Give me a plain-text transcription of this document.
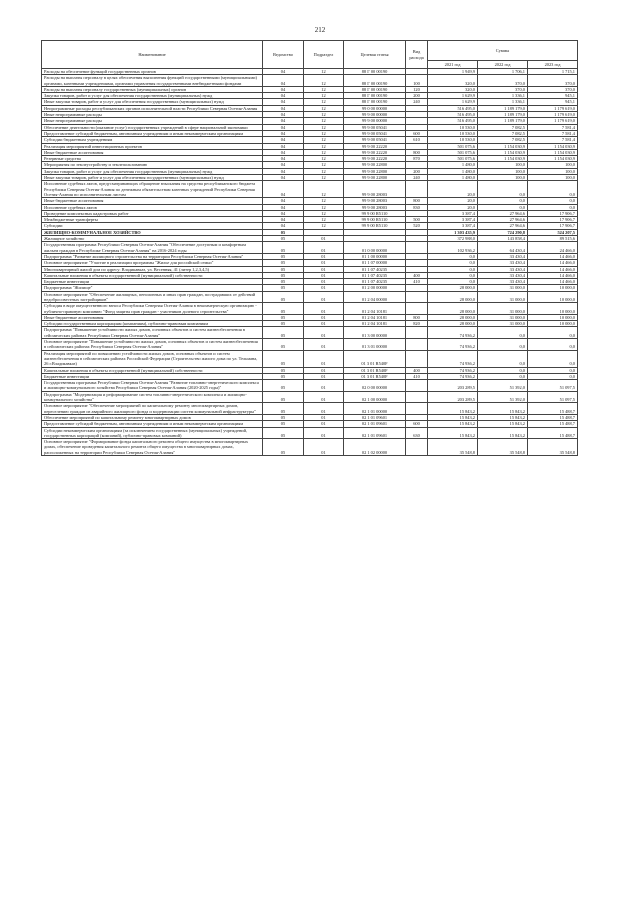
212
Наименование	Ведомство	Подраздел	Целевая статья	Вид расхода	Суммы		
					2021 год	2022 год	2023 год
Расходы на обеспечение функций государственных органов	04	12	88 Г 00 00190		1 949,9	1 706,1	1 715,1
Расходы на выплаты персоналу в целях обеспечения выполнения функций государственными (муниципальными) органами, казенными учреждениями, органами управления государственными внебюджетными фондами	04	12	88 Г 00 00190	100	320,0	370,0	370,0
Расходы на выплаты персоналу государственных (муниципальных) органов	04	12	88 Г 00 00190	120	320,0	370,0	370,0
Закупка товаров, работ и услуг для обеспечения государственных (муниципальных) нужд	04	12	88 Г 00 00190	200	1 629,9	1 336,1	945,1
Иные закупки товаров, работ и услуг для обеспечения государственных (муниципальных) нужд	04	12	88 Г 00 00190	240	1 629,9	1 336,1	945,1
Непрограммные расходы республиканских органов исполнительной власти Республики Северная Осетия-Алания	04	12	99 0 00 00000		516 495,0	1 189 179,0	1 179 619,0
Иные непрограммные расходы	04	12	99 9 00 00000		516 495,0	1 189 179,0	1 179 619,0
Иные непрограммные расходы	04	12	99 9 00 00000		516 495,0	1 189 179,0	1 179 619,0
Обеспечение деятельности (оказание услуг) государственных учреждений в сфере национальной экономики	04	12	99 9 00 05041		10 530,0	7 082,5	7 581,4
Предоставление субсидий бюджетным, автономным учреждениям и иным некоммерческим организациям	04	12	99 9 00 05041	600	10 530,0	7 082,5	7 581,4
Субсидии бюджетным учреждениям	04	12	99 9 00 05041	610	10 530,0	7 082,5	7 581,4
Реализация мероприятий инвестиционных проектов	04	12	99 9 00 22220		501 075,6	1 154 030,9	1 154 030,9
Иные бюджетные ассигнования	04	12	99 9 00 22220	800	501 075,6	1 154 030,9	1 154 030,9
Резервные средства	04	12	99 9 00 22220	870	501 075,6	1 154 030,9	1 154 030,9
Мероприятия по землеустройству и землепользованию	04	12	99 9 00 22800		1 480,0	100,0	100,0
Закупка товаров, работ и услуг для обеспечения государственных (муниципальных) нужд	04	12	99 9 00 22800	200	1 480,0	100,0	100,0
Иные закупки товаров, работ и услуг для обеспечения государственных (муниципальных) нужд	04	12	99 9 00 22800	240	1 480,0	100,0	100,0
Исполнение судебных актов, предусматривающих обращение взыскания на средства республиканского бюджета Республики Северная Осетия-Алания по денежным обязательствам казенных учреждений Республики Северная Осетия-Алания по исполнительным листам	04	12	99 9 00 28003		20,0	0,0	0,0
Иные бюджетные ассигнования	04	12	99 9 00 28003	800	20,0	0,0	0,0
Исполнение судебных актов	04	12	99 9 00 28003	830	20,0	0,0	0,0
Проведение комплексных кадастровых работ	04	12	99 9 00 R5110		3 387,4	27 964,6	17 906,7
Межбюджетные трансферты	04	12	99 9 00 R5110	500	3 387,4	27 964,6	17 906,7
Субсидии	04	12	99 9 00 R5110	520	3 387,4	27 964,6	17 906,7
ЖИЛИЩНО-КОММУНАЛЬНОЕ ХОЗЯЙСТВО	05				1 303 435,9	724 290,8	524 207,5
Жилищное хозяйство	05	01			372 988,0	143 858,4	89 515,6
Государственная программа Республики Северная Осетия-Алания "Обеспечение доступным и комфортным жильем граждан в Республике Северная Осетия-Алания" на 2016-2024 годы	05	01	01 0 00 00000		102 936,2	64 430,4	24 466,0
Подпрограмма "Развитие жилищного строительства на территории Республики Северная Осетия-Алания"	05	01	01 1 00 00000		0,0	33 430,4	14 466,0
Основное мероприятие "Участие в реализации программы "Жилье для российской семьи"	05	01	01 1 07 00000		0,0	33 430,4	14 466,0
Многоквартирный жилой дом по адресу: Владикавказ, ул. Весенняя, 41 (литер 1,2,3,4,5)	05	01	01 1 07 40235		0,0	33 430,4	14 466,0
Капитальные вложения в объекты государственной (муниципальной) собственности	05	01	01 1 07 40235	400	0,0	33 430,4	14 466,0
Бюджетные инвестиции	05	01	01 1 07 40235	410	0,0	33 430,4	14 466,0
Подпрограмма "Жилище"	05	01	01 2 00 00000		28 000,0	31 000,0	10 000,0
Основное мероприятие "Обеспечение жилищных, пенсионных и иных прав граждан, пострадавших от действий недобросовестных застройщиков"	05	01	01 2 04 00000		28 000,0	31 000,0	10 000,0
Субсидия в виде имущественного взноса Республики Северная Осетия-Алания в некоммерческую организацию - публично-правовую компанию "Фонд защиты прав граждан - участников долевого строительства"	05	01	01 2 04 10181		28 000,0	31 000,0	10 000,0
Иные бюджетные ассигнования	05	01	01 2 04 10181	800	28 000,0	31 000,0	10 000,0
Субсидии государственным корпорациям (компаниям), публично-правовым компаниям	05	01	01 2 04 10181	820	28 000,0	31 000,0	10 000,0
Подпрограмма "Повышение устойчивости жилых домов, основных объектов и систем жизнеобеспечения в сейсмических районах Республики Северная Осетия-Алания"	05	01	01 3 00 00000		74 936,2	0,0	0,0
Основное мероприятие "Повышение устойчивости жилых домов, основных объектов и систем жизнеобеспечения в сейсмических районах Республики Северная Осетия-Алания"	05	01	01 3 01 00000		74 936,2	0,0	0,0
Реализация мероприятий по повышению устойчивости жилых домов, основных объектов и систем жизнеобеспечения в сейсмических районах Российской Федерации (Строительство жилого дома по ул. Тельмана, 26 г.Владикавказ)	05	01	01 3 01 R540F		74 936,2	0,0	0,0
Капитальные вложения в объекты государственной (муниципальной) собственности	05	01	01 3 01 R540F	400	74 936,2	0,0	0,0
Бюджетные инвестиции	05	01	01 3 01 R540F	410	74 936,2	0,0	0,0
Государственная программа Республики Северная Осетия-Алания "Развитие топливно-энергетического комплекса и жилищно-коммунального хозяйства Республики Северная Осетия-Алания (2020-2025 годы)"	05	01	02 0 00 00000		203 289,5	51 392,0	51 097,5
Подпрограмма "Модернизация и реформирование систем топливно-энергетического комплекса и жилищно-коммунального хозяйства"	05	01	02 1 00 00000		203 289,5	51 392,0	51 097,5
Основное мероприятие "Обеспечение мероприятий по капитальному ремонту многоквартирных домов, переселению граждан из аварийного жилищного фонда и модернизации систем коммунальной инфраструктуры"	05	01	02 1 01 00000		15 843,2	15 843,2	15 488,7
Обеспечение мероприятий по капитальному ремонту многоквартирных домов	05	01	02 1 01 09601		15 843,2	15 843,2	15 488,7
Предоставление субсидий бюджетным, автономным учреждениям и иным некоммерческим организациям	05	01	02 1 01 09601	600	15 843,2	15 843,2	15 488,7
Субсидии некоммерческим организациям (за исключением государственных (муниципальных) учреждений, государственных корпораций (компаний), публично-правовых компаний)	05	01	02 1 01 09601	630	15 843,2	15 843,2	15 488,7
Основное мероприятие "Формирование фонда капитального ремонта общего имущества в многоквартирных домах, обеспечение проведения капитального ремонта общего имущества в многоквартирных домах, расположенных на территории Республики Северная Осетия-Алания"	05	01	02 1 02 00000		35 548,8	35 548,8	35 548,8
